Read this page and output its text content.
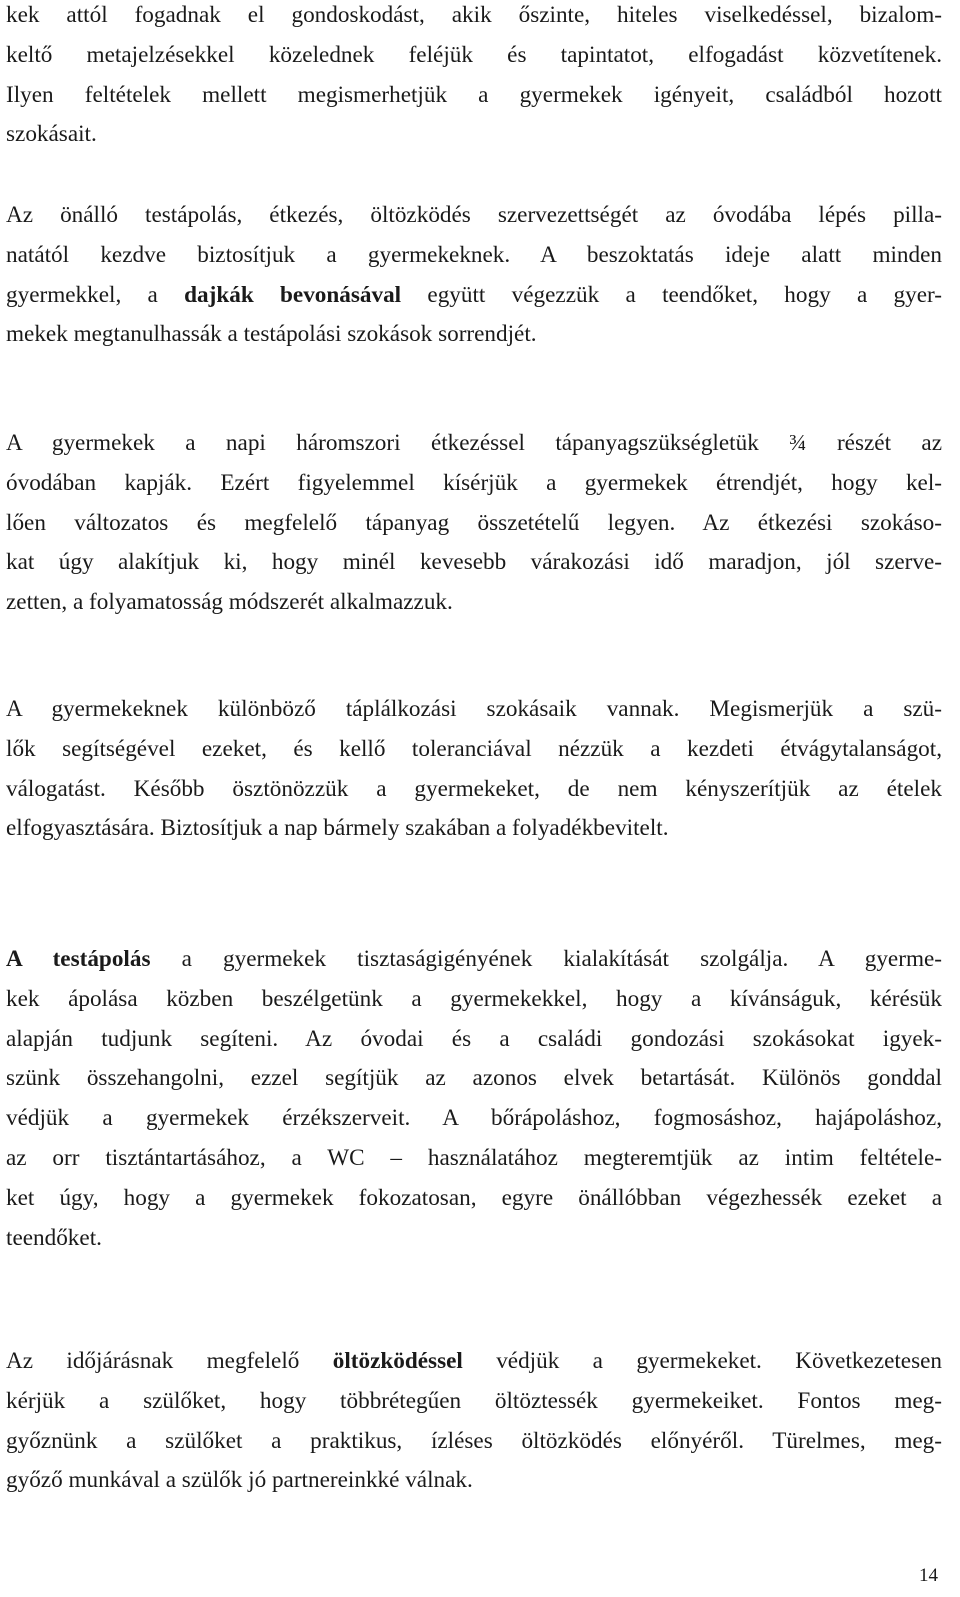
kek attól fogadnak el gondoskodást, akik őszinte, hiteles viselkedéssel, bizalom-
keltő metajelzésekkel közelednek feléjük és tapintatot, elfogadást közvetítenek.
Ilyen feltételek mellett megismerhetjük a gyermekek igényeit, családból hozott
szokásait.
Az önálló testápolás, étkezés, öltözködés szervezettségét az óvodába lépés pilla-
natától kezdve biztosítjuk a gyermekeknek. A beszoktatás ideje alatt minden
gyermekkel, a dajkák bevonásával együtt végezzük a teendőket, hogy a gyer-
mekek megtanulhassák a testápolási szokások sorrendjét.
A gyermekek a napi háromszori étkezéssel tápanyagszükségletük ¾ részét az
óvodában kapják. Ezért figyelemmel kísérjük a gyermekek étrendjét, hogy kel-
lően változatos és megfelelő tápanyag összetételű legyen. Az étkezési szokáso-
kat úgy alakítjuk ki, hogy minél kevesebb várakozási idő maradjon, jól szerve-
zetten, a folyamatosság módszerét alkalmazzuk.
A gyermekeknek különböző táplálkozási szokásaik vannak. Megismerjük a szü-
lők segítségével ezeket, és kellő toleranciával nézzük a kezdeti étvágytalanságot,
válogatást. Később ösztönözzük a gyermekeket, de nem kényszerítjük az ételek
elfogyasztására. Biztosítjuk a nap bármely szakában a folyadékbevitelt.
A testápolás a gyermekek tisztaságigényének kialakítását szolgálja. A gyerme-
kek ápolása közben beszélgetünk a gyermekekkel, hogy a kívánságuk, kérésük
alapján tudjunk segíteni. Az óvodai és a családi gondozási szokásokat igyek-
szünk összehangolni, ezzel segítjük az azonos elvek betartását. Különös gonddal
védjük a gyermekek érzékszerveit. A bőrápoláshoz, fogmosáshoz, hajápoláshoz,
az orr tisztántartásához, a WC – használatához megteremtjük az intim feltétele-
ket úgy, hogy a gyermekek fokozatosan, egyre önállóbban végezhessék ezeket a
teendőket.
Az időjárásnak megfelelő öltözködéssel védjük a gyermekeket. Következetesen
kérjük a szülőket, hogy többrétegűen öltöztessék gyermekeiket. Fontos meg-
győznünk a szülőket a praktikus, ízléses öltözködés előnyéről. Türelmes, meg-
győző munkával a szülők jó partnereinkké válnak.
14
